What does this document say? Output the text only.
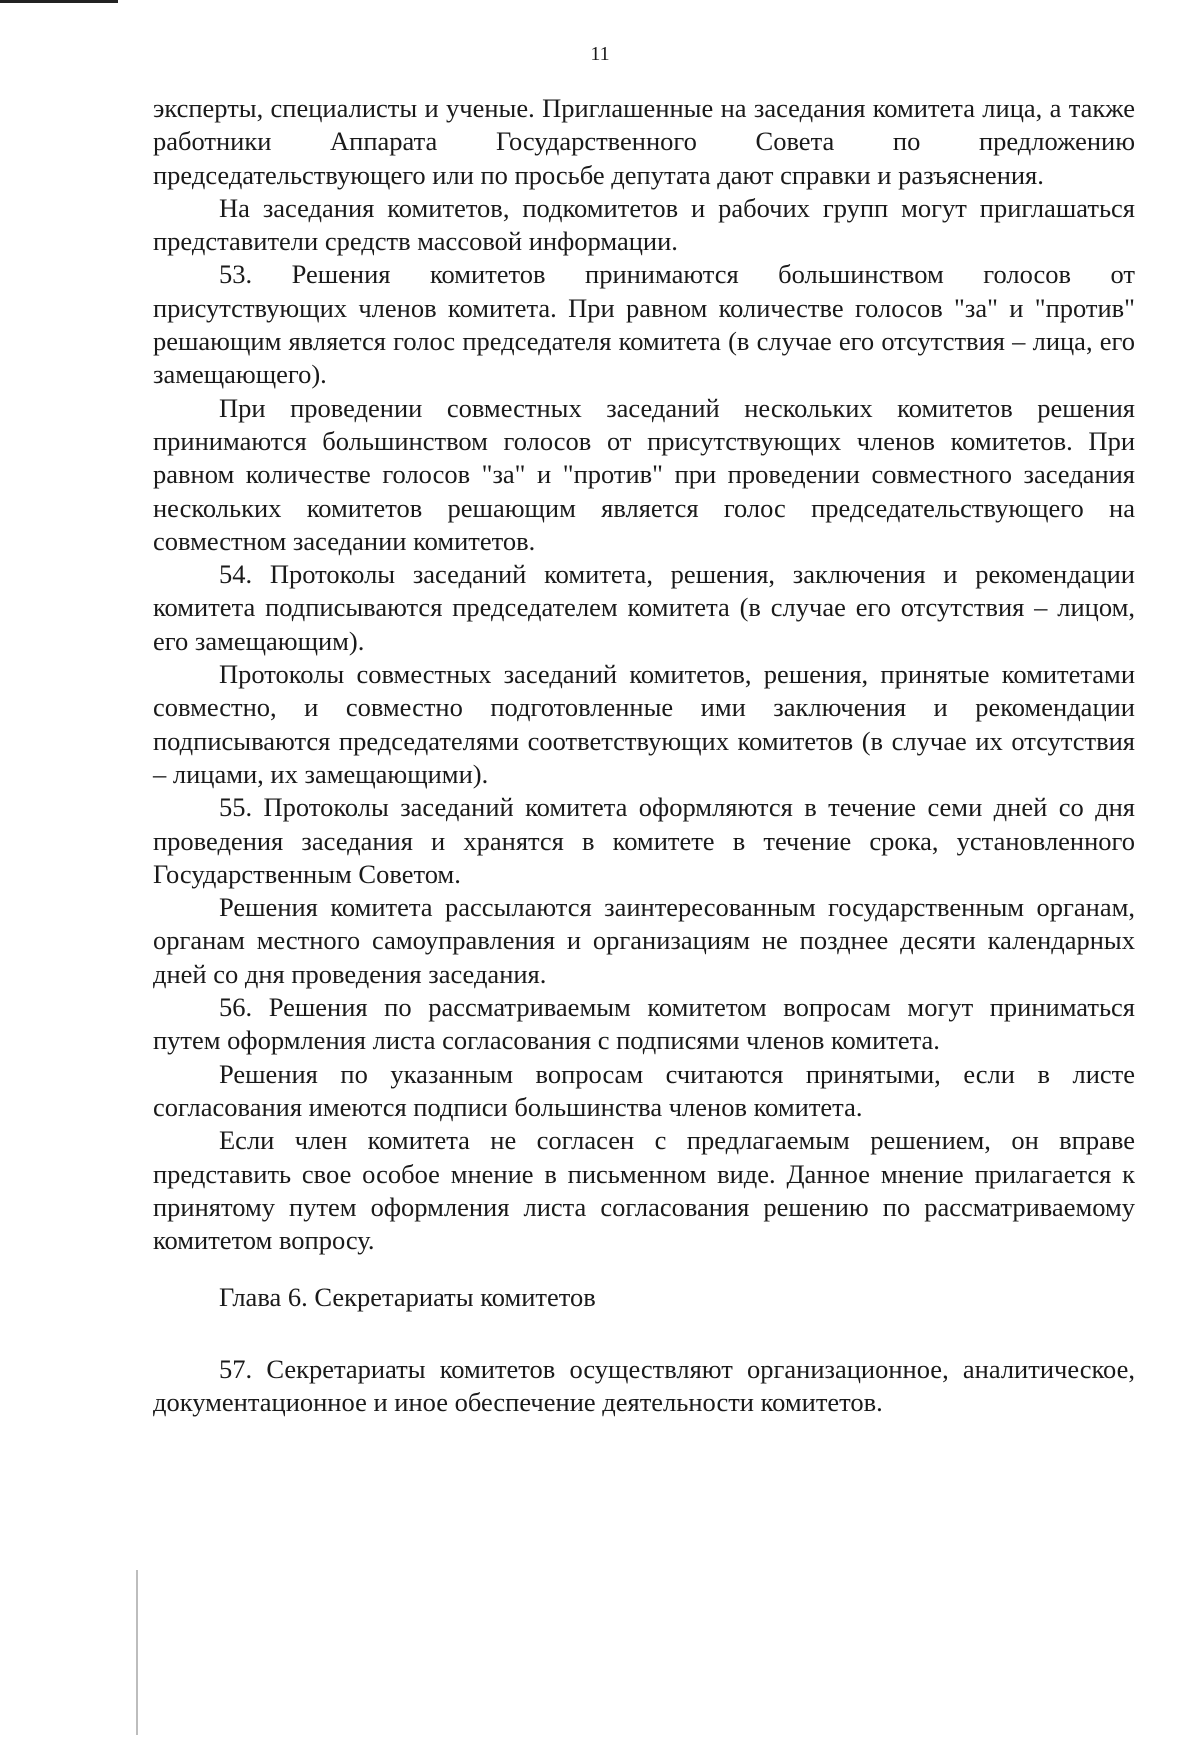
11

эксперты, специалисты и ученые. Приглашенные на заседания комитета лица, а также работники Аппарата Государственного Совета по предложению председательствующего или по просьбе депутата дают справки и разъяснения.

На заседания комитетов, подкомитетов и рабочих групп могут приглашаться представители средств массовой информации.

53. Решения комитетов принимаются большинством голосов от присутствующих членов комитета. При равном количестве голосов "за" и "против" решающим является голос председателя комитета (в случае его отсутствия – лица, его замещающего).

При проведении совместных заседаний нескольких комитетов решения принимаются большинством голосов от присутствующих членов комитетов. При равном количестве голосов "за" и "против" при проведении совместного заседания нескольких комитетов решающим является голос председательствующего на совместном заседании комитетов.

54. Протоколы заседаний комитета, решения, заключения и рекомендации комитета подписываются председателем комитета (в случае его отсутствия – лицом, его замещающим).

Протоколы совместных заседаний комитетов, решения, принятые комитетами совместно, и совместно подготовленные ими заключения и рекомендации подписываются председателями соответствующих комитетов (в случае их отсутствия – лицами, их замещающими).

55. Протоколы заседаний комитета оформляются в течение семи дней со дня проведения заседания и хранятся в комитете в течение срока, установленного Государственным Советом.

Решения комитета рассылаются заинтересованным государственным органам, органам местного самоуправления и организациям не позднее десяти календарных дней со дня проведения заседания.

56. Решения по рассматриваемым комитетом вопросам могут приниматься путем оформления листа согласования с подписями членов комитета.

Решения по указанным вопросам считаются принятыми, если в листе согласования имеются подписи большинства членов комитета.

Если член комитета не согласен с предлагаемым решением, он вправе представить свое особое мнение в письменном виде. Данное мнение прилагается к принятому путем оформления листа согласования решению по рассматриваемому комитетом вопросу.

Глава 6. Секретариаты комитетов

57. Секретариаты комитетов осуществляют организационное, аналитическое, документационное и иное обеспечение деятельности комитетов.
